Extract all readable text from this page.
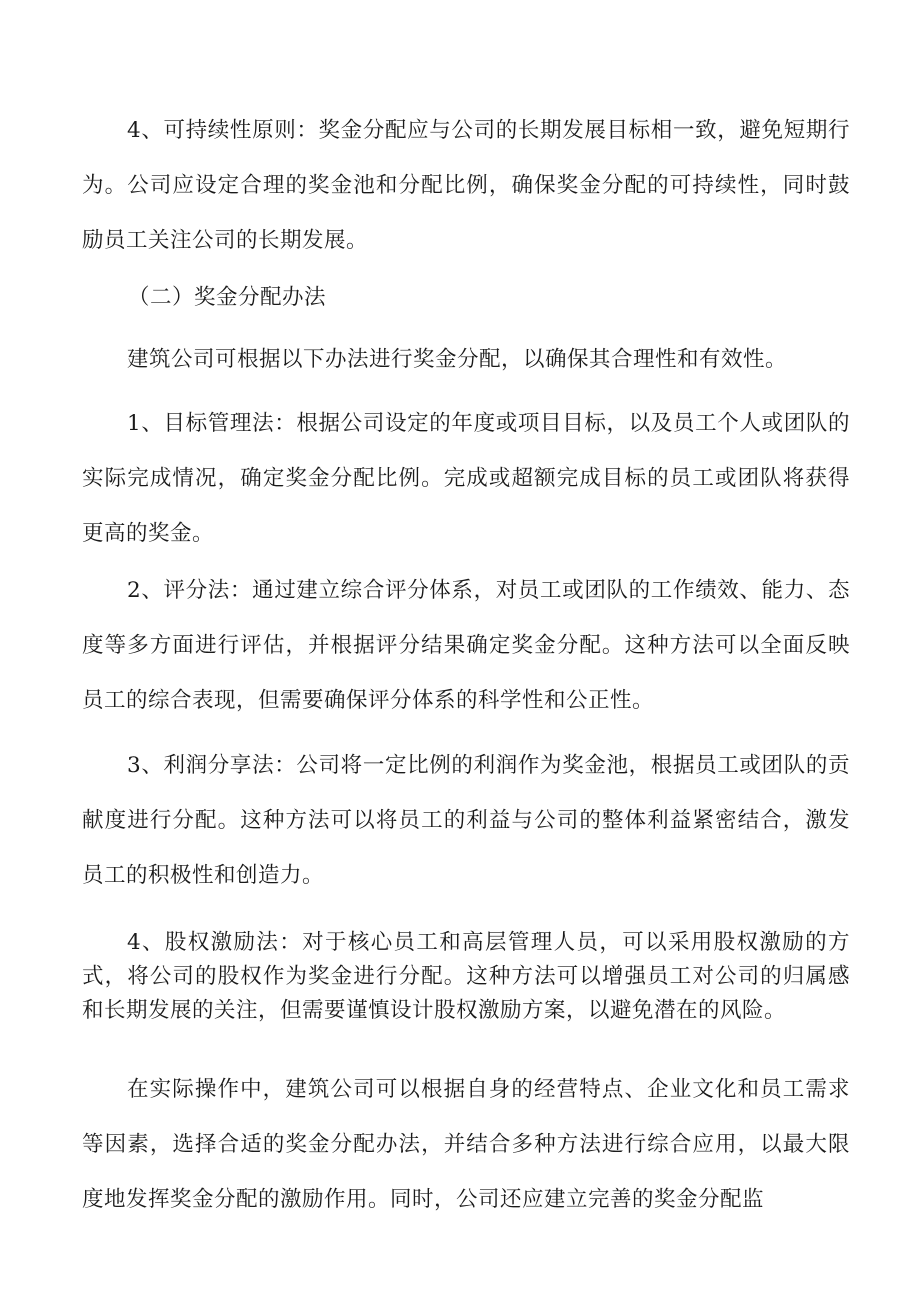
4、可持续性原则：奖金分配应与公司的长期发展目标相一致，避免短期行为。公司应设定合理的奖金池和分配比例，确保奖金分配的可持续性，同时鼓励员工关注公司的长期发展。

（二）奖金分配办法

建筑公司可根据以下办法进行奖金分配，以确保其合理性和有效性。

1、目标管理法：根据公司设定的年度或项目目标，以及员工个人或团队的实际完成情况，确定奖金分配比例。完成或超额完成目标的员工或团队将获得更高的奖金。

2、评分法：通过建立综合评分体系，对员工或团队的工作绩效、能力、态度等多方面进行评估，并根据评分结果确定奖金分配。这种方法可以全面反映员工的综合表现，但需要确保评分体系的科学性和公正性。

3、利润分享法：公司将一定比例的利润作为奖金池，根据员工或团队的贡献度进行分配。这种方法可以将员工的利益与公司的整体利益紧密结合，激发员工的积极性和创造力。

4、股权激励法：对于核心员工和高层管理人员，可以采用股权激励的方式，将公司的股权作为奖金进行分配。这种方法可以增强员工对公司的归属感和长期发展的关注，但需要谨慎设计股权激励方案，以避免潜在的风险。

在实际操作中，建筑公司可以根据自身的经营特点、企业文化和员工需求等因素，选择合适的奖金分配办法，并结合多种方法进行综合应用，以最大限度地发挥奖金分配的激励作用。同时，公司还应建立完善的奖金分配监
